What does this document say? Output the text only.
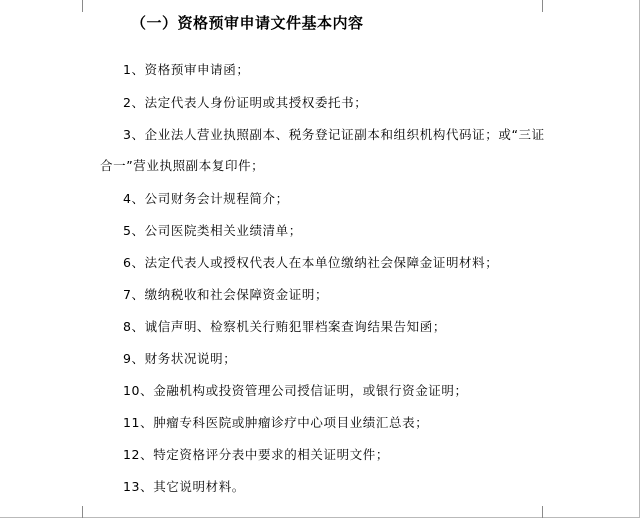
（一）资格预审申请文件基本内容
1、资格预审申请函；
2、法定代表人身份证明或其授权委托书；
3、企业法人营业执照副本、税务登记证副本和组织机构代码证；或“三证
合一”营业执照副本复印件；
4、公司财务会计规程简介；
5、公司医院类相关业绩清单；
6、法定代表人或授权代表人在本单位缴纳社会保障金证明材料；
7、缴纳税收和社会保障资金证明；
8、诚信声明、检察机关行贿犯罪档案查询结果告知函；
9、财务状况说明；
10、金融机构或投资管理公司授信证明，或银行资金证明；
11、肿瘤专科医院或肿瘤诊疗中心项目业绩汇总表；
12、特定资格评分表中要求的相关证明文件；
13、其它说明材料。
